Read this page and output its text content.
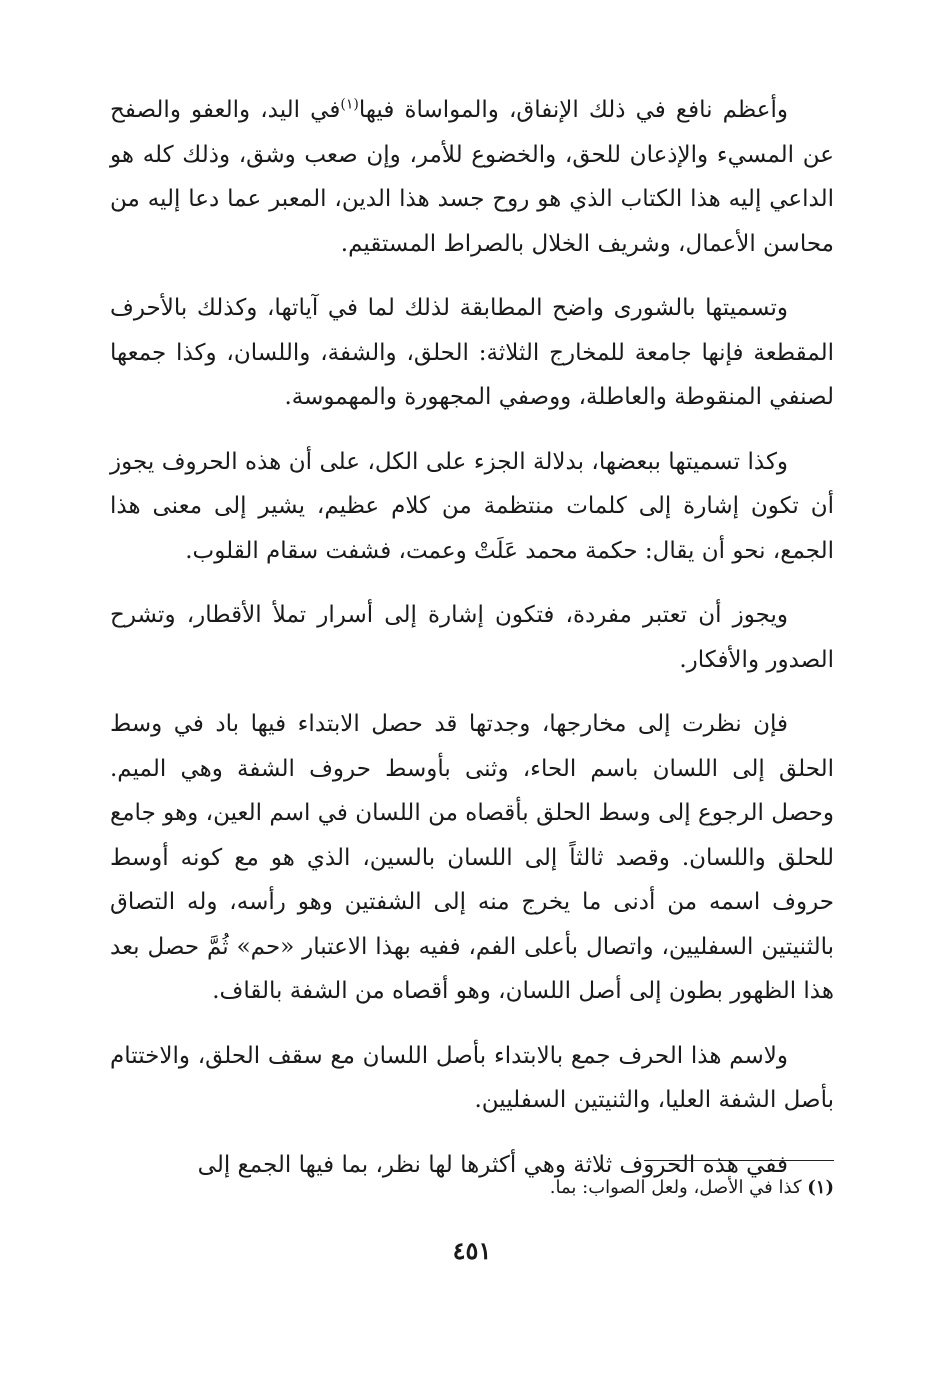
وأعظم نافع في ذلك الإنفاق، والمواساة فيها$^{(١)}$في اليد، والعفو والصفح عن المسيء والإذعان للحق، والخضوع للأمر، وإن صعب وشق، وذلك كله هو الداعي إليه هذا الكتاب الذي هو روح جسد هذا الدين، المعبر عما دعا إليه من محاسن الأعمال، وشريف الخلال بالصراط المستقيم.

وتسميتها بالشورى واضح المطابقة لذلك لما في آياتها، وكذلك بالأحرف المقطعة فإنها جامعة للمخارج الثلاثة: الحلق، والشفة، واللسان، وكذا جمعها لصنفي المنقوطة والعاطلة، ووصفي المجهورة والمهموسة.

وكذا تسميتها ببعضها، بدلالة الجزء على الكل، على أن هذه الحروف يجوز أن تكون إشارة إلى كلمات منتظمة من كلام عظيم، يشير إلى معنى هذا الجمع، نحو أن يقال: حكمة محمد عَلَتْ وعمت، فشفت سقام القلوب.

ويجوز أن تعتبر مفردة، فتكون إشارة إلى أسرار تملأ الأقطار، وتشرح الصدور والأفكار.

فإن نظرت إلى مخارجها، وجدتها قد حصل الابتداء فيها باد في وسط الحلق إلى اللسان باسم الحاء، وثنى بأوسط حروف الشفة وهي الميم. وحصل الرجوع إلى وسط الحلق بأقصاه من اللسان في اسم العين، وهو جامع للحلق واللسان. وقصد ثالثاً إلى اللسان بالسين، الذي هو مع كونه أوسط حروف اسمه من أدنى ما يخرج منه إلى الشفتين وهو رأسه، وله التصاق بالثنيتين السفليين، واتصال بأعلى الفم، ففيه بهذا الاعتبار «حم» ثُمَّ حصل بعد هذا الظهور بطون إلى أصل اللسان، وهو أقصاه من الشفة بالقاف.

ولاسم هذا الحرف جمع بالابتداء بأصل اللسان مع سقف الحلق، والاختتام بأصل الشفة العليا، والثنيتين السفليين.

ففي هذه الحروف ثلاثة وهي أكثرها لها نظر، بما فيها الجمع إلى

(١) كذا في الأصل، ولعل الصواب: بما.
٤٥١
